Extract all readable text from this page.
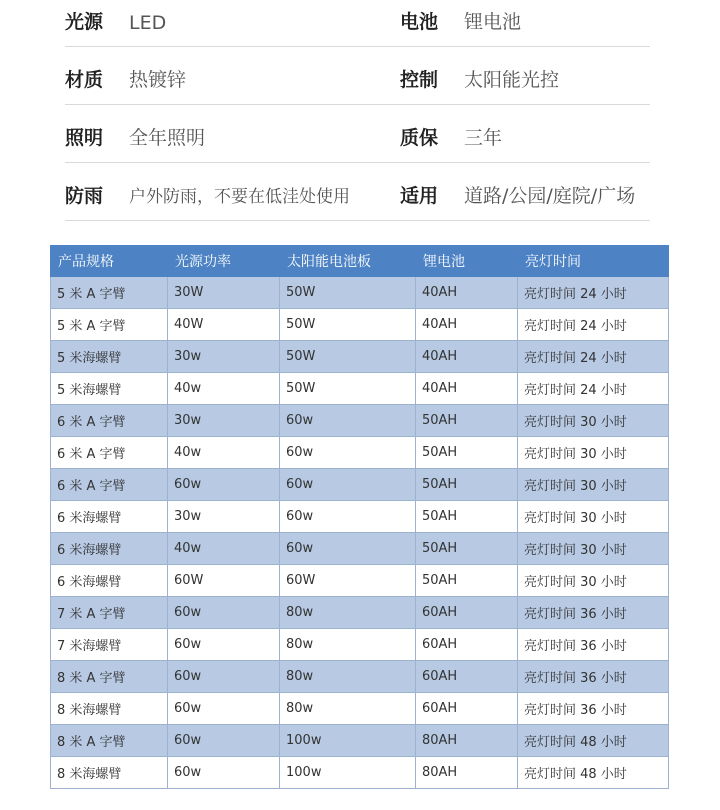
光源 LED	电池 锂电池
材质 热镀锌	控制 太阳能光控
照明 全年照明	质保 三年
防雨 户外防雨，不要在低洼处使用	适用 道路/公园/庭院/广场
产品规格	光源功率	太阳能电池板	锂电池	亮灯时间
5 米 A 字臂	30W	50W	40AH	亮灯时间 24 小时
5 米 A 字臂	40W	50W	40AH	亮灯时间 24 小时
5 米海螺臂	30w	50W	40AH	亮灯时间 24 小时
5 米海螺臂	40w	50W	40AH	亮灯时间 24 小时
6 米 A 字臂	30w	60w	50AH	亮灯时间 30 小时
6 米 A 字臂	40w	60w	50AH	亮灯时间 30 小时
6 米 A 字臂	60w	60w	50AH	亮灯时间 30 小时
6 米海螺臂	30w	60w	50AH	亮灯时间 30 小时
6 米海螺臂	40w	60w	50AH	亮灯时间 30 小时
6 米海螺臂	60W	60W	50AH	亮灯时间 30 小时
7 米 A 字臂	60w	80w	60AH	亮灯时间 36 小时
7 米海螺臂	60w	80w	60AH	亮灯时间 36 小时
8 米 A 字臂	60w	80w	60AH	亮灯时间 36 小时
8 米海螺臂	60w	80w	60AH	亮灯时间 36 小时
8 米 A 字臂	60w	100w	80AH	亮灯时间 48 小时
8 米海螺臂	60w	100w	80AH	亮灯时间 48 小时
